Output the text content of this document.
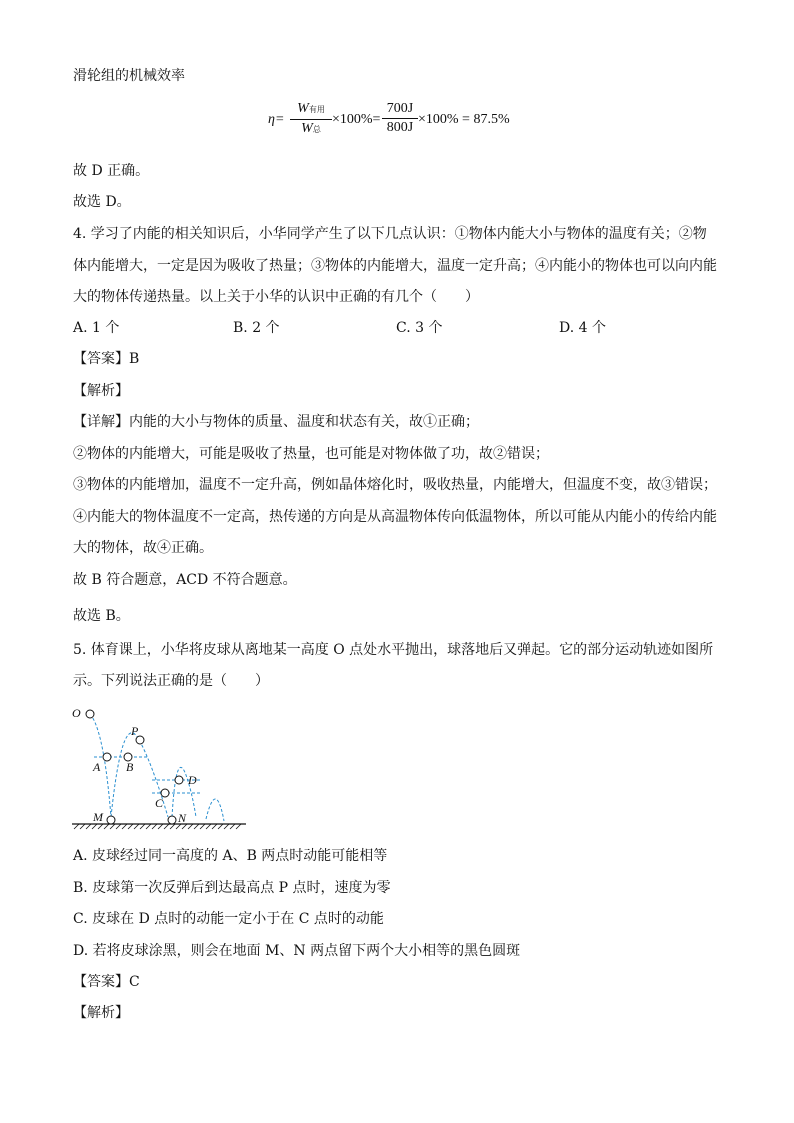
滑轮组的机械效率
η=
W有用
W总
$\times 100\%= \frac{700J}{800J} \times 100\% = 87.5\%$
故 D 正确。
故选 D。
4. 学习了内能的相关知识后，小华同学产生了以下几点认识：①物体内能大小与物体的温度有关；②物
体内能增大，一定是因为吸收了热量；③物体的内能增大，温度一定升高；④内能小的物体也可以向内能
大的物体传递热量。以上关于小华的认识中正确的有几个（　　）
A. 1 个	B. 2 个	C. 3 个	D. 4 个
【答案】B
【解析】
【详解】内能的大小与物体的质量、温度和状态有关，故①正确；
②物体的内能增大，可能是吸收了热量，也可能是对物体做了功，故②错误；
③物体的内能增加，温度不一定升高，例如晶体熔化时，吸收热量，内能增大，但温度不变，故③错误；
④内能大的物体温度不一定高，热传递的方向是从高温物体传向低温物体，所以可能从内能小的传给内能
大的物体，故④正确。
故 B 符合题意，ACD 不符合题意。
故选 B。
5. 体育课上，小华将皮球从离地某一高度 O 点处水平抛出，球落地后又弹起。它的部分运动轨迹如图所
示。下列说法正确的是（　　）
O
P
A B
D
C
M	N
A. 皮球经过同一高度的 A、B 两点时动能可能相等
B. 皮球第一次反弹后到达最高点 P 点时，速度为零
C. 皮球在 D 点时的动能一定小于在 C 点时的动能
D. 若将皮球涂黑，则会在地面 M、N 两点留下两个大小相等的黑色圆斑
【答案】C
【解析】
